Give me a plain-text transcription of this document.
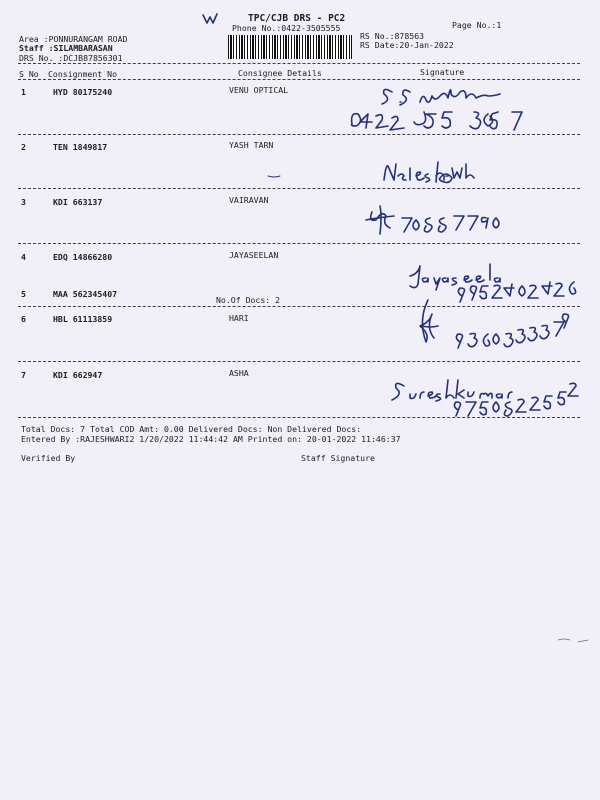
TPC/CJB DRS - PC2
Phone No.:0422-3505555	Page No.:1
Area :PONNURANGAM ROAD
Staff :SILAMBARASAN
DRS No. :DCJB87856301
RS No.:878563
RS Date:20-Jan-2022
S No Consignment No	Consignee Details	Signature
1	HYD 80175240	VENU OPTICAL
2	TEN 1849817	YASH TARN
3	KDI 663137	VAIRAVAN
4	EDQ 14866280	JAYASEELAN
5	MAA 562345407
No.Of Docs: 2
6	HBL 61113859	HARI
7	KDI 662947	ASHA
Total Docs: 7 Total COD Amt: 0.00 Delivered Docs: Non Delivered Docs:
Entered By :RAJESHWARI2 1/20/2022 11:44:42 AM Printed on: 20-01-2022 11:46:37
Verified By	Staff Signature
